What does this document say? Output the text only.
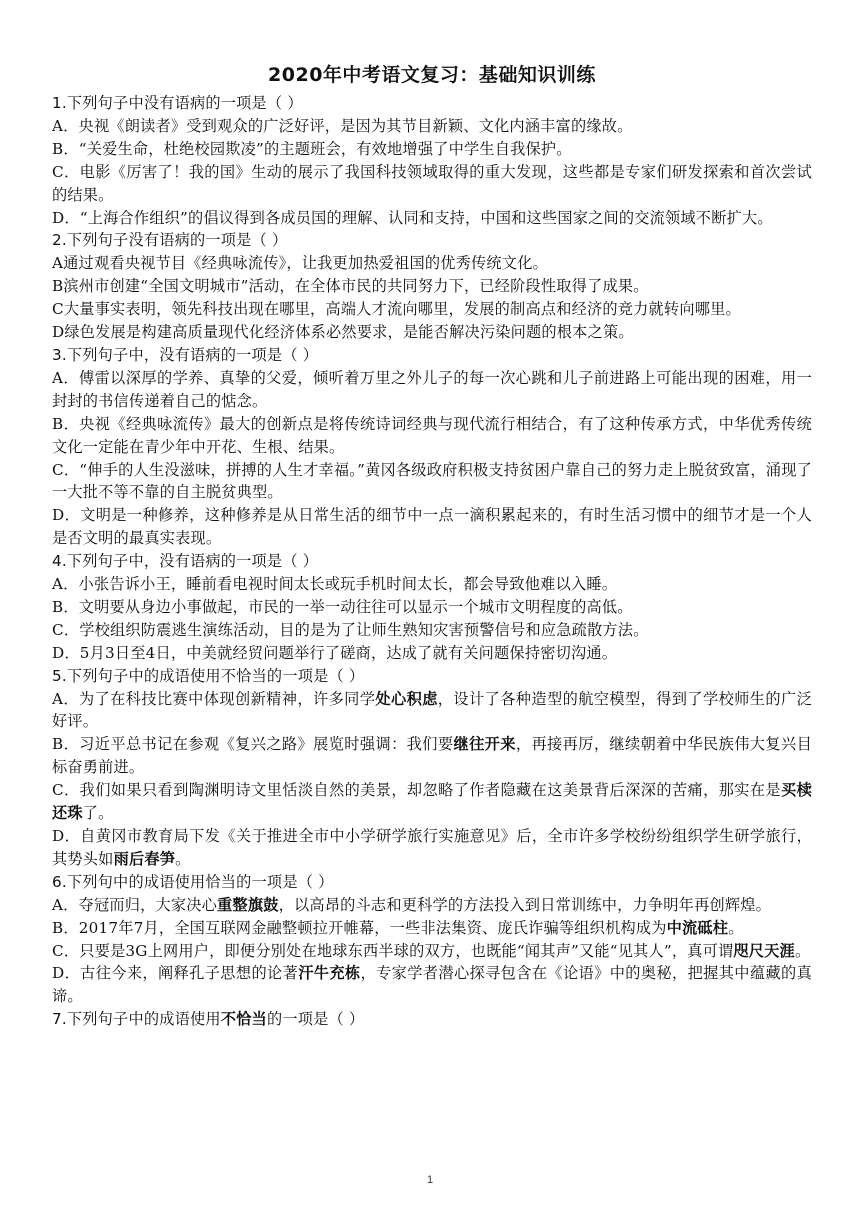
2020年中考语文复习：基础知识训练

1.下列句子中没有语病的一项是（ ）

A．央视《朗读者》受到观众的广泛好评，是因为其节目新颖、文化内涵丰富的缘故。

B．“关爱生命，杜绝校园欺凌”的主题班会，有效地增强了中学生自我保护。

C．电影《厉害了！我的国》生动的展示了我国科技领域取得的重大发现，这些都是专家们研发探索和首次尝试的结果。

D．“上海合作组织”的倡议得到各成员国的理解、认同和支持，中国和这些国家之间的交流领域不断扩大。

2.下列句子没有语病的一项是（ ）

A通过观看央视节目《经典咏流传》，让我更加热爱祖国的优秀传统文化。

B滨州市创建“全国文明城市”活动，在全体市民的共同努力下，已经阶段性取得了成果。

C大量事实表明，领先科技出现在哪里，高端人才流向哪里，发展的制高点和经济的竞力就转向哪里。

D绿色发展是构建高质量现代化经济体系必然要求，是能否解决污染问题的根本之策。

3.下列句子中，没有语病的一项是（ ）

A．傅雷以深厚的学养、真挚的父爱，倾听着万里之外儿子的每一次心跳和儿子前进路上可能出现的困难，用一封封的书信传递着自己的惦念。

B．央视《经典咏流传》最大的创新点是将传统诗词经典与现代流行相结合，有了这种传承方式，中华优秀传统文化一定能在青少年中开花、生根、结果。

C．“伸手的人生没滋味，拼搏的人生才幸福。”黄冈各级政府积极支持贫困户靠自己的努力走上脱贫致富，涌现了一大批不等不靠的自主脱贫典型。

D．文明是一种修养，这种修养是从日常生活的细节中一点一滴积累起来的，有时生活习惯中的细节才是一个人是否文明的最真实表现。

4.下列句子中，没有语病的一项是（ ）

A．小张告诉小王，睡前看电视时间太长或玩手机时间太长，都会导致他难以入睡。

B．文明要从身边小事做起，市民的一举一动往往可以显示一个城市文明程度的高低。

C．学校组织防震逃生演练活动，目的是为了让师生熟知灾害预警信号和应急疏散方法。

D．5月3日至4日，中美就经贸问题举行了磋商，达成了就有关问题保持密切沟通。

5.下列句子中的成语使用不恰当的一项是（ ）

A．为了在科技比赛中体现创新精神，许多同学处心积虑，设计了各种造型的航空模型，得到了学校师生的广泛好评。

B．习近平总书记在参观《复兴之路》展览时强调：我们要继往开来，再接再厉，继续朝着中华民族伟大复兴目标奋勇前进。

C．我们如果只看到陶渊明诗文里恬淡自然的美景，却忽略了作者隐藏在这美景背后深深的苦痛，那实在是买椟还珠了。

D．自黄冈市教育局下发《关于推进全市中小学研学旅行实施意见》后，全市许多学校纷纷组织学生研学旅行，其势头如雨后春笋。

6.下列句中的成语使用恰当的一项是（ ）

A．夺冠而归，大家决心重整旗鼓，以高昂的斗志和更科学的方法投入到日常训练中，力争明年再创辉煌。

B．2017年7月，全国互联网金融整顿拉开帷幕，一些非法集资、庞氏诈骗等组织机构成为中流砥柱。

C．只要是3G上网用户，即便分别处在地球东西半球的双方，也既能“闻其声”又能“见其人”，真可谓咫尺天涯。

D．古往今来，阐释孔子思想的论著汗牛充栋，专家学者潜心探寻包含在《论语》中的奥秘，把握其中蕴藏的真谛。

7.下列句子中的成语使用不恰当的一项是（ ）

1
